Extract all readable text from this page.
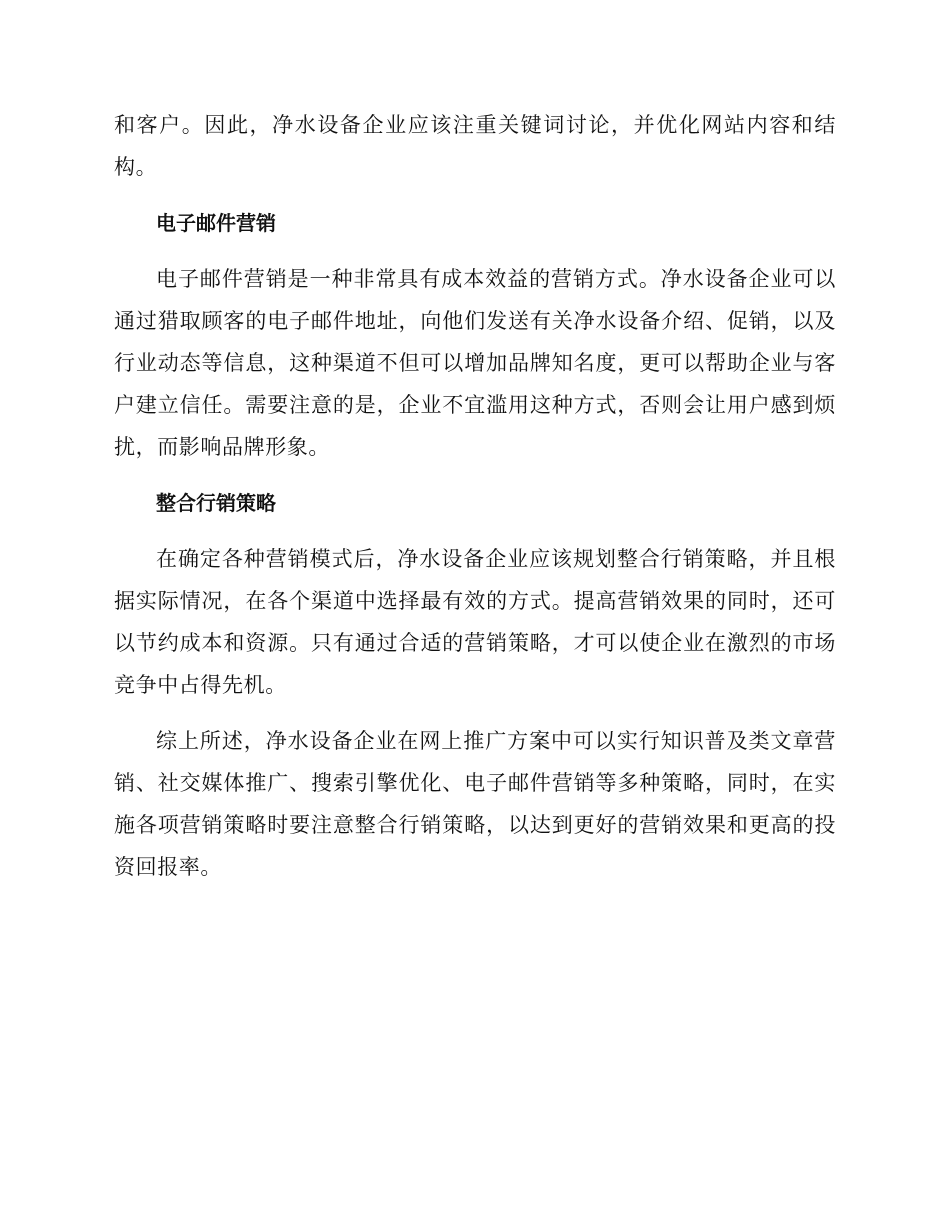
和客户。因此，净水设备企业应该注重关键词讨论，并优化网站内容和结构。

电子邮件营销

电子邮件营销是一种非常具有成本效益的营销方式。净水设备企业可以通过猎取顾客的电子邮件地址，向他们发送有关净水设备介绍、促销，以及行业动态等信息，这种渠道不但可以增加品牌知名度，更可以帮助企业与客户建立信任。需要注意的是，企业不宜滥用这种方式，否则会让用户感到烦扰，而影响品牌形象。

整合行销策略

在确定各种营销模式后，净水设备企业应该规划整合行销策略，并且根据实际情况，在各个渠道中选择最有效的方式。提高营销效果的同时，还可以节约成本和资源。只有通过合适的营销策略，才可以使企业在激烈的市场竞争中占得先机。

综上所述，净水设备企业在网上推广方案中可以实行知识普及类文章营销、社交媒体推广、搜索引擎优化、电子邮件营销等多种策略，同时，在实施各项营销策略时要注意整合行销策略，以达到更好的营销效果和更高的投资回报率。
